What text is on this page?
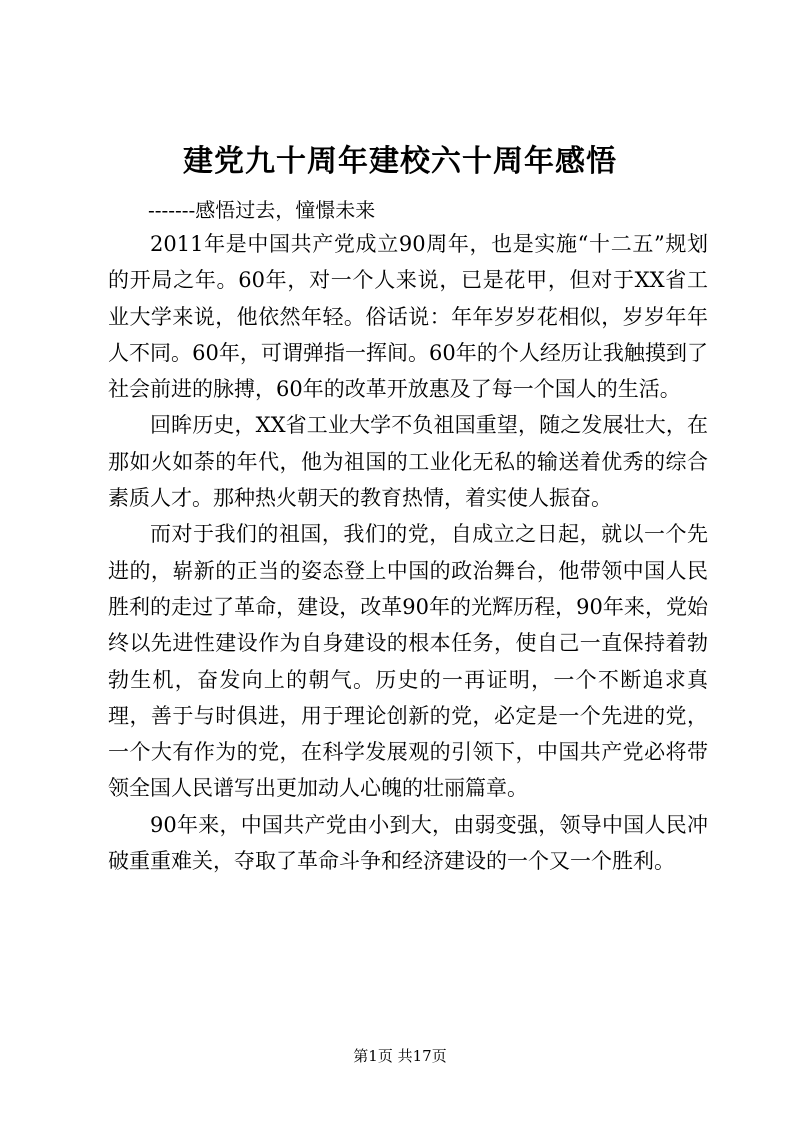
建党九十周年建校六十周年感悟
-------感悟过去，憧憬未来

2011年是中国共产党成立90周年，也是实施“十二五”规划的开局之年。60年，对一个人来说，已是花甲，但对于XX省工业大学来说，他依然年轻。俗话说：年年岁岁花相似，岁岁年年人不同。60年，可谓弹指一挥间。60年的个人经历让我触摸到了社会前进的脉搏，60年的改革开放惠及了每一个国人的生活。

回眸历史，XX省工业大学不负祖国重望，随之发展壮大，在那如火如荼的年代，他为祖国的工业化无私的输送着优秀的综合素质人才。那种热火朝天的教育热情，着实使人振奋。

而对于我们的祖国，我们的党，自成立之日起，就以一个先进的，崭新的正当的姿态登上中国的政治舞台，他带领中国人民胜利的走过了革命，建设，改革90年的光辉历程，90年来，党始终以先进性建设作为自身建设的根本任务，使自己一直保持着勃勃生机，奋发向上的朝气。历史的一再证明，一个不断追求真理，善于与时俱进，用于理论创新的党，必定是一个先进的党，一个大有作为的党，在科学发展观的引领下，中国共产党必将带领全国人民谱写出更加动人心魄的壮丽篇章。

90年来，中国共产党由小到大，由弱变强，领导中国人民冲破重重难关，夺取了革命斗争和经济建设的一个又一个胜利。

第1页 共17页
